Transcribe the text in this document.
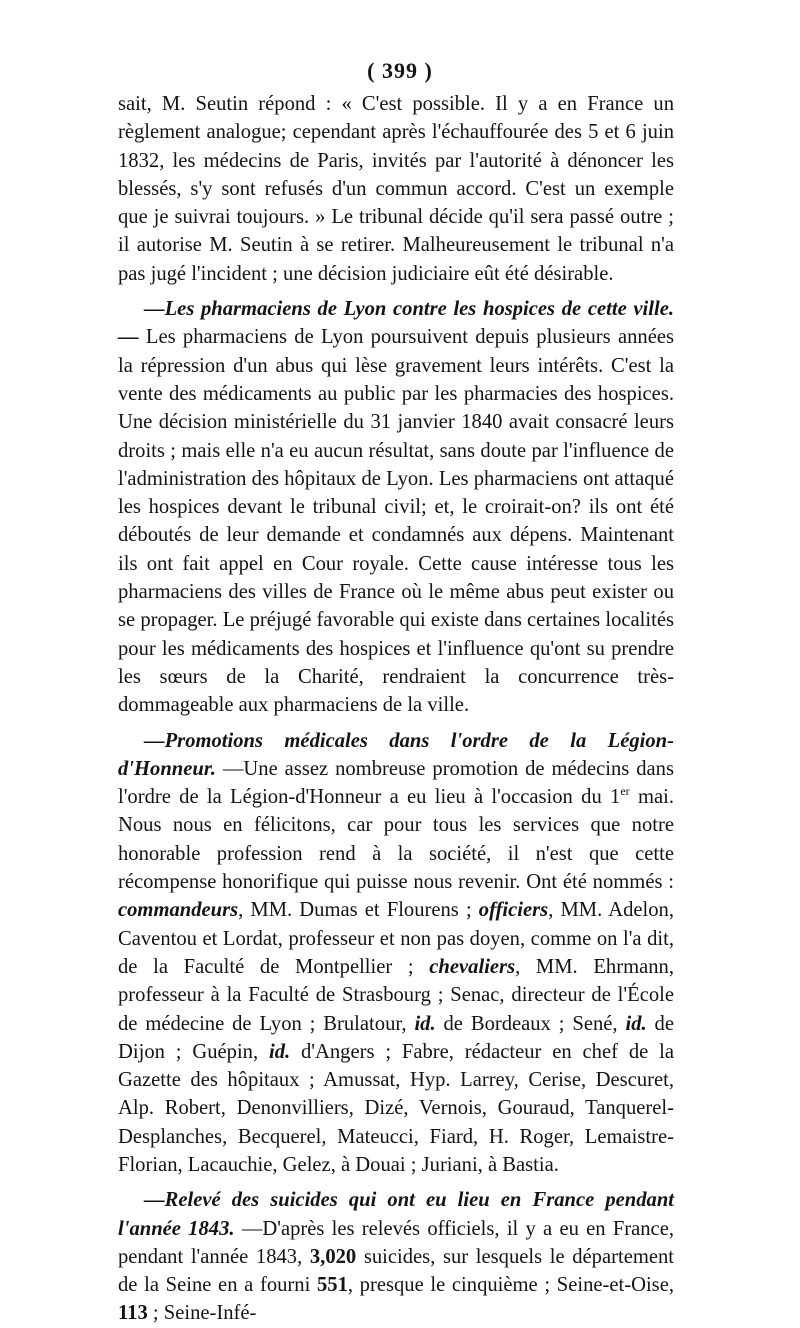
( 399 )

sait, M. Seutin répond : « C'est possible. Il y a en France un règlement analogue; cependant après l'échauffourée des 5 et 6 juin 1832, les médecins de Paris, invités par l'autorité à dénoncer les blessés, s'y sont refusés d'un commun accord. C'est un exemple que je suivrai toujours. » Le tribunal décide qu'il sera passé outre ; il autorise M. Seutin à se retirer. Malheureusement le tribunal n'a pas jugé l'incident ; une décision judiciaire eût été désirable.

—Les pharmaciens de Lyon contre les hospices de cette ville.— Les pharmaciens de Lyon poursuivent depuis plusieurs années la répression d'un abus qui lèse gravement leurs intérêts. C'est la vente des médicaments au public par les pharmacies des hospices. Une décision ministérielle du 31 janvier 1840 avait consacré leurs droits ; mais elle n'a eu aucun résultat, sans doute par l'influence de l'administration des hôpitaux de Lyon. Les pharmaciens ont attaqué les hospices devant le tribunal civil; et, le croirait-on? ils ont été déboutés de leur demande et condamnés aux dépens. Maintenant ils ont fait appel en Cour royale. Cette cause intéresse tous les pharmaciens des villes de France où le même abus peut exister ou se propager. Le préjugé favorable qui existe dans certaines localités pour les médicaments des hospices et l'influence qu'ont su prendre les sœurs de la Charité, rendraient la concurrence très-dommageable aux pharmaciens de la ville.

—Promotions médicales dans l'ordre de la Légion-d'Honneur. —Une assez nombreuse promotion de médecins dans l'ordre de la Légion-d'Honneur a eu lieu à l'occasion du 1er mai. Nous nous en félicitons, car pour tous les services que notre honorable profession rend à la société, il n'est que cette récompense honorifique qui puisse nous revenir. Ont été nommés : commandeurs, MM. Dumas et Flourens ; officiers, MM. Adelon, Caventou et Lordat, professeur et non pas doyen, comme on l'a dit, de la Faculté de Montpellier ; chevaliers, MM. Ehrmann, professeur à la Faculté de Strasbourg ; Senac, directeur de l'École de médecine de Lyon ; Brulatour, id. de Bordeaux ; Sené, id. de Dijon ; Guépin, id. d'Angers ; Fabre, rédacteur en chef de la Gazette des hôpitaux ; Amussat, Hyp. Larrey, Cerise, Descuret, Alp. Robert, Denonvilliers, Dizé, Vernois, Gouraud, Tanquerel-Desplanches, Becquerel, Mateucci, Fiard, H. Roger, Lemaistre-Florian, Lacauchie, Gelez, à Douai ; Juriani, à Bastia.

—Relevé des suicides qui ont eu lieu en France pendant l'année 1843. —D'après les relevés officiels, il y a eu en France, pendant l'année 1843, 3,020 suicides, sur lesquels le département de la Seine en a fourni 551, presque le cinquième ; Seine-et-Oise, 113 ; Seine-Infé-
